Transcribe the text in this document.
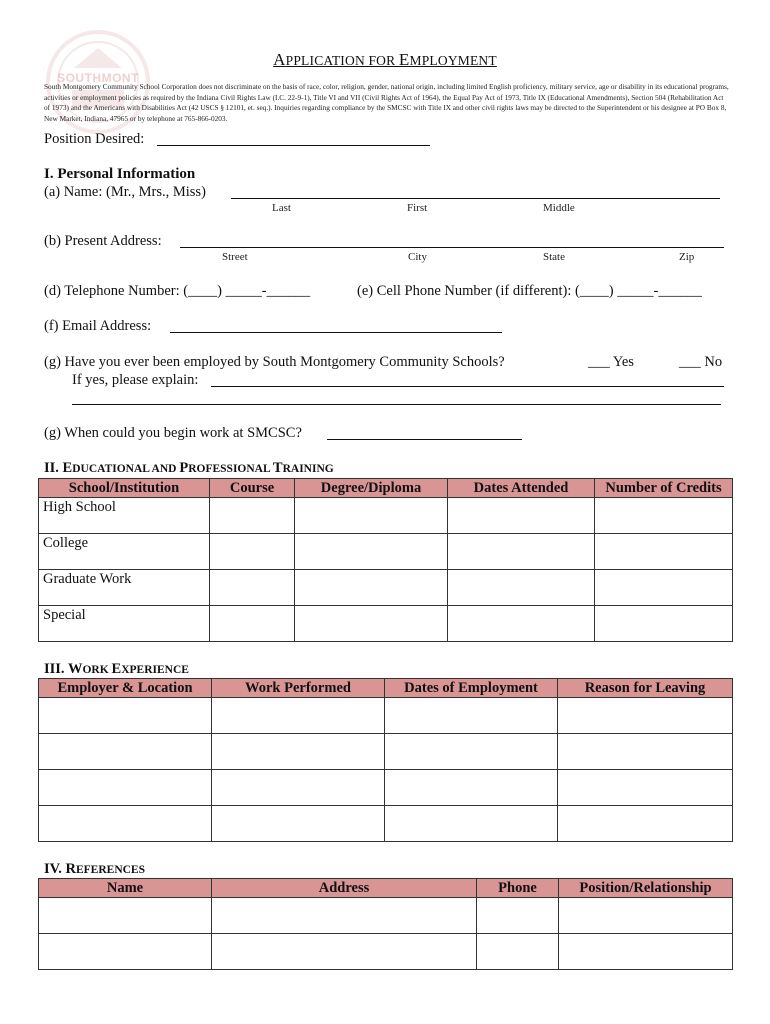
SOUTHMONT
APPLICATION FOR EMPLOYMENT
South Montgomery Community School Corporation does not discriminate on the basis of race, color, religion, gender, national origin, including limited English proficiency, military service, age or disability in its educational programs, activities or employment policies as required by the Indiana Civil Rights Law (I.C. 22-9-1), Title VI and VII (Civil Rights Act of 1964), the Equal Pay Act of 1973, Title IX (Educational Amendments), Section 504 (Rehabilitation Act of 1973) and the Americans with Disabilities Act (42 USCS § 12101, et. seq.). Inquiries regarding compliance by the SMCSC with Title IX and other civil rights laws may be directed to the Superintendent or his designee at PO Box 8, New Market, Indiana, 47965 or by telephone at 765-866-0203.
Position Desired:
I. Personal Information
(a) Name: (Mr., Mrs., Miss)
Last	First	Middle
(b) Present Address:
Street	City	State	Zip
(d) Telephone Number: (____) _____-______	(e) Cell Phone Number (if different): (____) _____-______
(f) Email Address:
(g) Have you ever been employed by South Montgomery Community Schools?	___ Yes	___ No
If yes, please explain:
(g) When could you begin work at SMCSC?
II. EDUCATIONAL AND PROFESSIONAL TRAINING
School/Institution	Course	Degree/Diploma	Dates Attended	Number of Credits
High School				
College				
Graduate Work				
Special				
III. WORK EXPERIENCE
Employer & Location	Work Performed	Dates of Employment	Reason for Leaving

IV. REFERENCES
Name	Address	Phone	Position/Relationship
